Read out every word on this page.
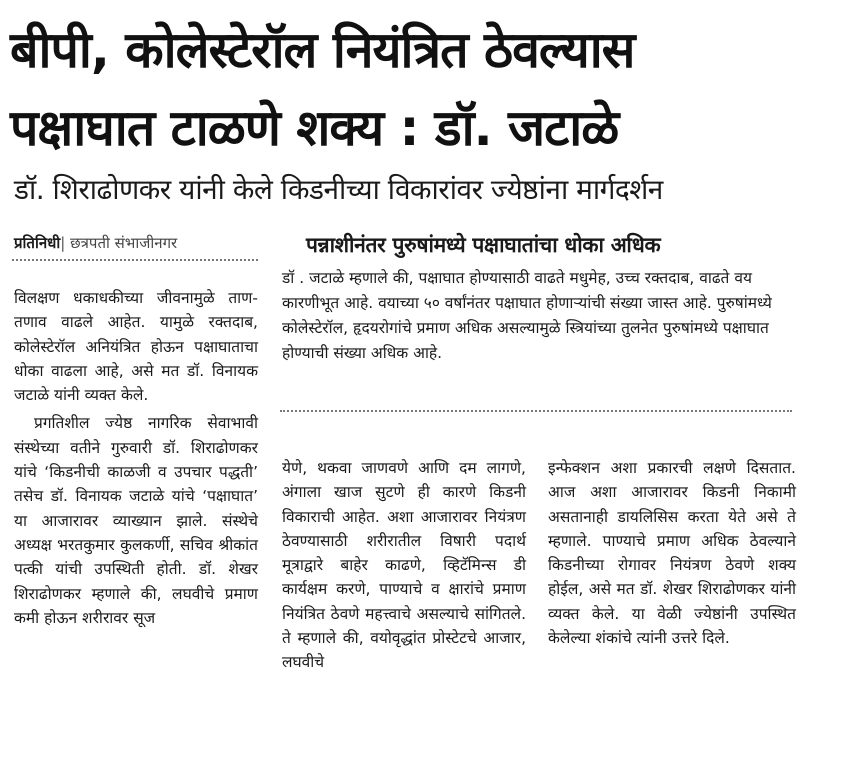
बीपी, कोलेस्टेरॉल नियंत्रित ठेवल्यास
पक्षाघात टाळणे शक्य : डॉ. जटाळे
डॉ. शिराढोणकर यांनी केले किडनीच्या विकारांवर ज्येष्ठांना मार्गदर्शन
प्रतिनिधी| छत्रपती संभाजीनगर

विलक्षण धकाधकीच्या जीवनामुळे ताण-तणाव वाढले आहेत. यामुळे रक्तदाब, कोलेस्टेरॉल अनियंत्रित होऊन पक्षाघाताचा धोका वाढला आहे, असे मत डॉ. विनायक जटाळे यांनी व्यक्त केले.

प्रगतिशील ज्येष्ठ नागरिक सेवाभावी संस्थेच्या वतीने गुरुवारी डॉ. शिराढोणकर यांचे ‘किडनीची काळजी व उपचार पद्धती’ तसेच डॉ. विनायक जटाळे यांचे ‘पक्षाघात’ या आजारावर व्याख्यान झाले. संस्थेचे अध्यक्ष भरतकुमार कुलकर्णी, सचिव श्रीकांत पत्की यांची उपस्थिती होती. डॉ. शेखर शिराढोणकर म्हणाले की, लघवीचे प्रमाण कमी होऊन शरीरावर सूज

पन्नाशीनंतर पुरुषांमध्ये पक्षाघातांचा धोका अधिक
डॉ . जटाळे म्हणाले की, पक्षाघात होण्यासाठी वाढते मधुमेह, उच्च रक्तदाब, वाढते वय कारणीभूत आहे. वयाच्या ५० वर्षांनंतर पक्षाघात होणाऱ्यांची संख्या जास्त आहे. पुरुषांमध्ये कोलेस्टेरॉल, हृदयरोगांचे प्रमाण अधिक असल्यामुळे स्त्रियांच्या तुलनेत पुरुषांमध्ये पक्षाघात होण्याची संख्या अधिक आहे.
येणे, थकवा जाणवणे आणि दम लागणे, अंगाला खाज सुटणे ही कारणे किडनी विकाराची आहेत. अशा आजारावर नियंत्रण ठेवण्यासाठी शरीरातील विषारी पदार्थ मूत्राद्वारे बाहेर काढणे, व्हिटॅमिन्स डी कार्यक्षम करणे, पाण्याचे व क्षारांचे प्रमाण नियंत्रित ठेवणे महत्त्वाचे असल्याचे सांगितले. ते म्हणाले की, वयोवृद्धांत प्रोस्टेटचे आजार, लघवीचे
इन्फेक्शन अशा प्रकारची लक्षणे दिसतात. आज अशा आजारावर किडनी निकामी असतानाही डायलिसिस करता येते असे ते म्हणाले. पाण्याचे प्रमाण अधिक ठेवल्याने किडनीच्या रोगावर नियंत्रण ठेवणे शक्य होईल, असे मत डॉ. शेखर शिराढोणकर यांनी व्यक्त केले. या वेळी ज्येष्ठांनी उपस्थित केलेल्या शंकांचे त्यांनी उत्तरे दिले.
